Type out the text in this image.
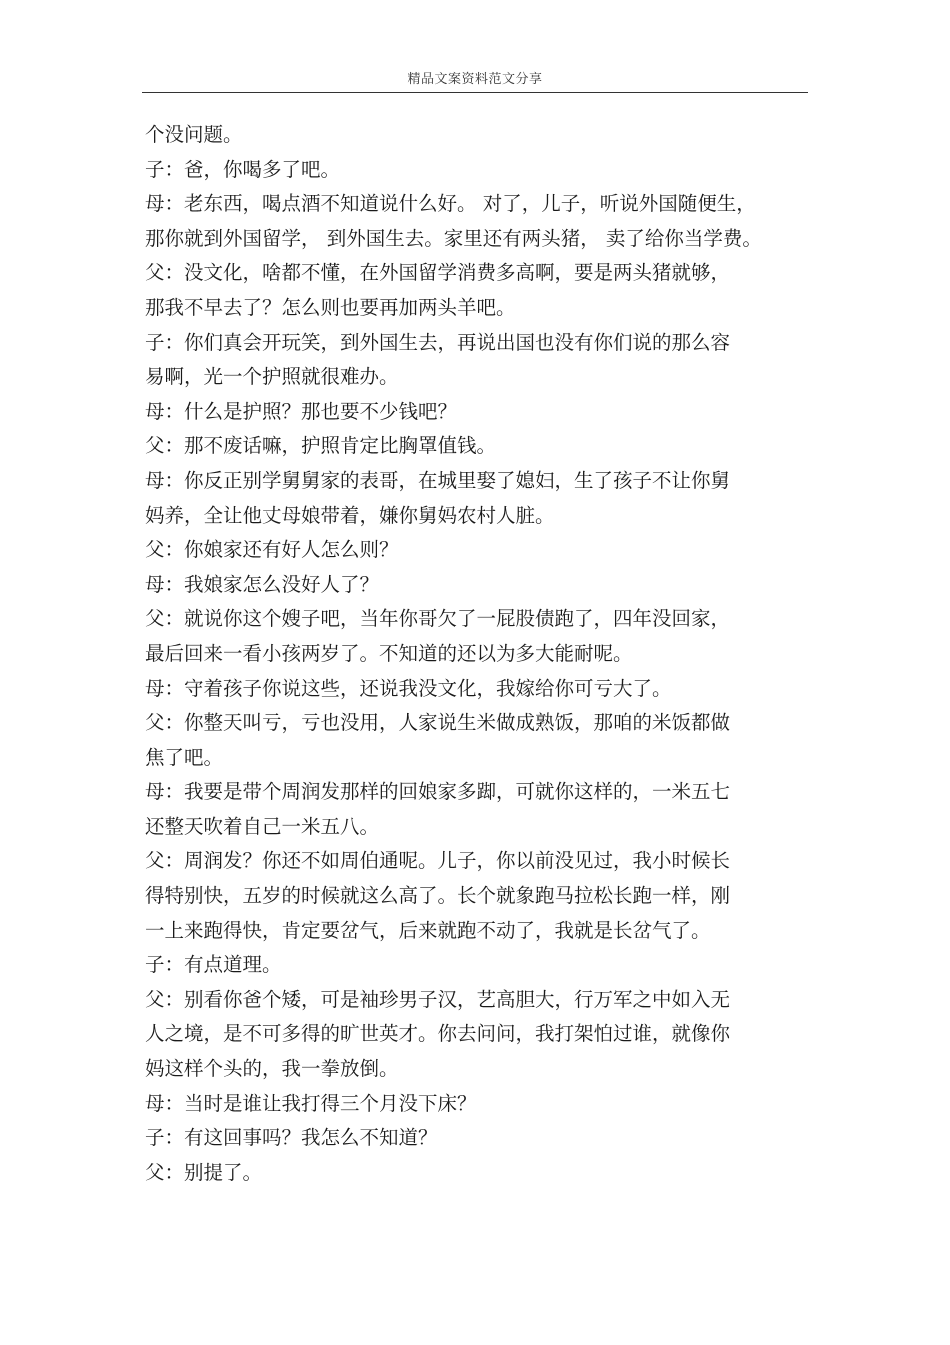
精品文案资料范文分享
个没问题。
子：爸，你喝多了吧。
母：老东西，喝点酒不知道说什么好。 对了，儿子，听说外国随便生，
那你就到外国留学， 到外国生去。家里还有两头猪， 卖了给你当学费。
父：没文化，啥都不懂，在外国留学消费多高啊，要是两头猪就够，
那我不早去了？怎么则也要再加两头羊吧。
子：你们真会开玩笑，到外国生去，再说出国也没有你们说的那么容
易啊，光一个护照就很难办。
母：什么是护照？那也要不少钱吧？
父：那不废话嘛，护照肯定比胸罩值钱。
母：你反正别学舅舅家的表哥，在城里娶了媳妇，生了孩子不让你舅
妈养，全让他丈母娘带着，嫌你舅妈农村人脏。
父：你娘家还有好人怎么则？
母：我娘家怎么没好人了？
父：就说你这个嫂子吧，当年你哥欠了一屁股债跑了，四年没回家，
最后回来一看小孩两岁了。不知道的还以为多大能耐呢。
母：守着孩子你说这些，还说我没文化，我嫁给你可亏大了。
父：你整天叫亏，亏也没用，人家说生米做成熟饭，那咱的米饭都做
焦了吧。
母：我要是带个周润发那样的回娘家多踋，可就你这样的，一米五七
还整天吹着自己一米五八。
父：周润发？你还不如周伯通呢。儿子，你以前没见过，我小时候长
得特别快，五岁的时候就这么高了。长个就象跑马拉松长跑一样，刚
一上来跑得快，肯定要岔气，后来就跑不动了，我就是长岔气了。
子：有点道理。
父：别看你爸个矮，可是袖珍男子汉，艺高胆大，行万军之中如入无
人之境，是不可多得的旷世英才。你去问问，我打架怕过谁，就像你
妈这样个头的，我一拳放倒。
母：当时是谁让我打得三个月没下床？
子：有这回事吗？我怎么不知道？
父：别提了。
